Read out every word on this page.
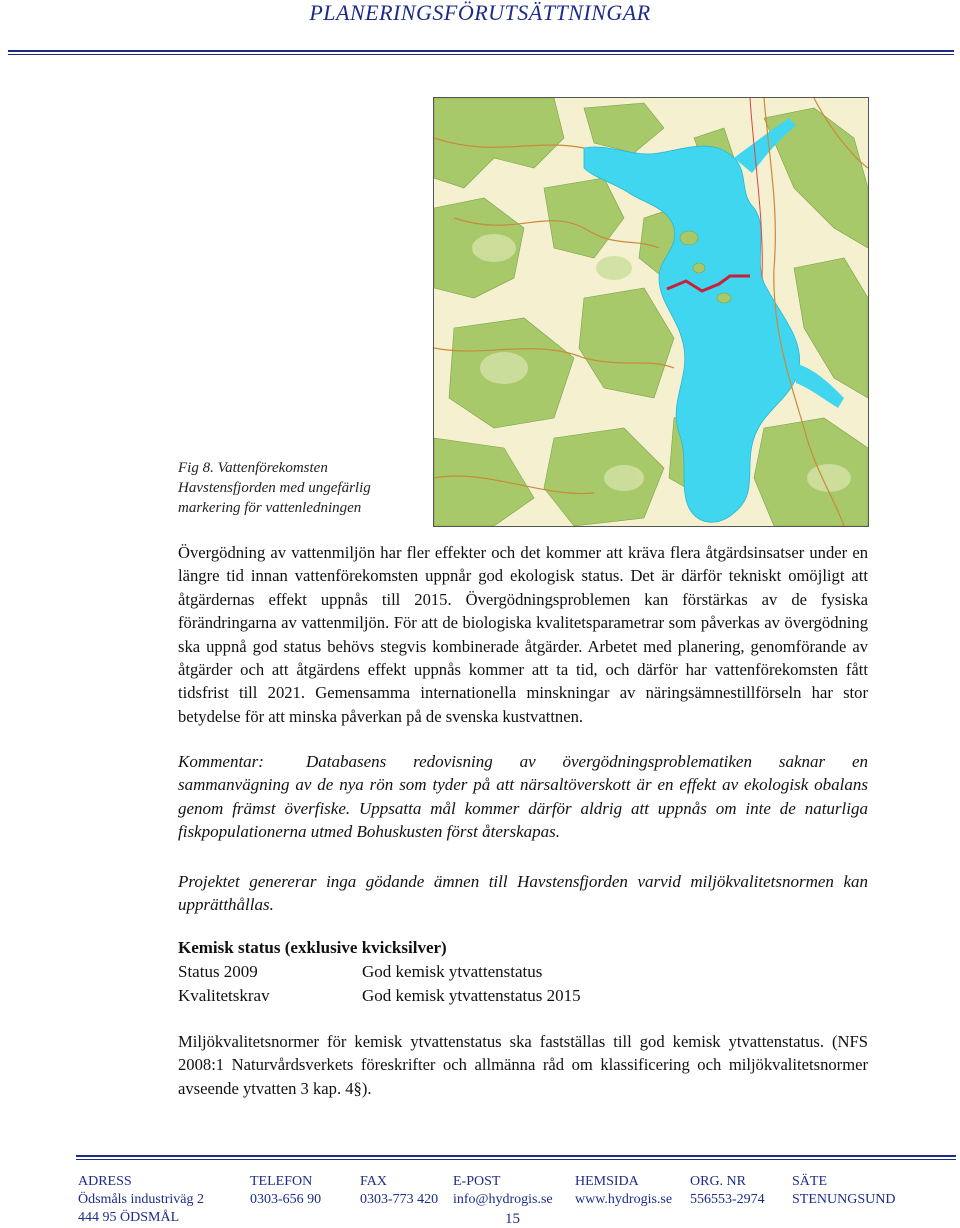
PLANERINGSFÖRUTSÄTTNINGAR
Fig 8. Vattenförekomsten
Havstensfjorden med ungefärlig
markering för vattenledningen
Övergödning av vattenmiljön har fler effekter och det kommer att kräva flera åtgärdsinsatser under en längre tid innan vattenförekomsten uppnår god ekologisk status. Det är därför tekniskt omöjligt att åtgärdernas effekt uppnås till 2015. Övergödningsproblemen kan förstärkas av de fysiska förändringarna av vattenmiljön. För att de biologiska kvalitetsparametrar som påverkas av övergödning ska uppnå god status behövs stegvis kombinerade åtgärder. Arbetet med planering, genomförande av åtgärder och att åtgärdens effekt uppnås kommer att ta tid, och därför har vattenförekomsten fått tidsfrist till 2021. Gemensamma internationella minskningar av näringsämnestillförseln har stor betydelse för att minska påverkan på de svenska kustvattnen.
Kommentar: Databasens redovisning av övergödningsproblematiken saknar en sammanvägning av de nya rön som tyder på att närsaltöverskott är en effekt av ekologisk obalans genom främst överfiske. Uppsatta mål kommer därför aldrig att uppnås om inte de naturliga fiskpopulationerna utmed Bohuskusten först återskapas.
Projektet genererar inga gödande ämnen till Havstensfjorden varvid miljökvalitetsnormen kan upprätthållas.
Kemisk status (exklusive kvicksilver)
Status 2009	God kemisk ytvattenstatus
Kvalitetskrav	God kemisk ytvattenstatus 2015
Miljökvalitetsnormer för kemisk ytvattenstatus ska fastställas till god kemisk ytvattenstatus. (NFS 2008:1 Naturvårdsverkets föreskrifter och allmänna råd om klassificering och miljökvalitetsnormer avseende ytvatten 3 kap. 4§).
ADRESS
Ödsmåls industriväg 2
444 95 ÖDSMÅL
TELEFON
0303-656 90
FAX
0303-773 420
E-POST
info@hydrogis.se
HEMSIDA
www.hydrogis.se
ORG. NR
556553-2974
SÄTE
STENUNGSUND
15
